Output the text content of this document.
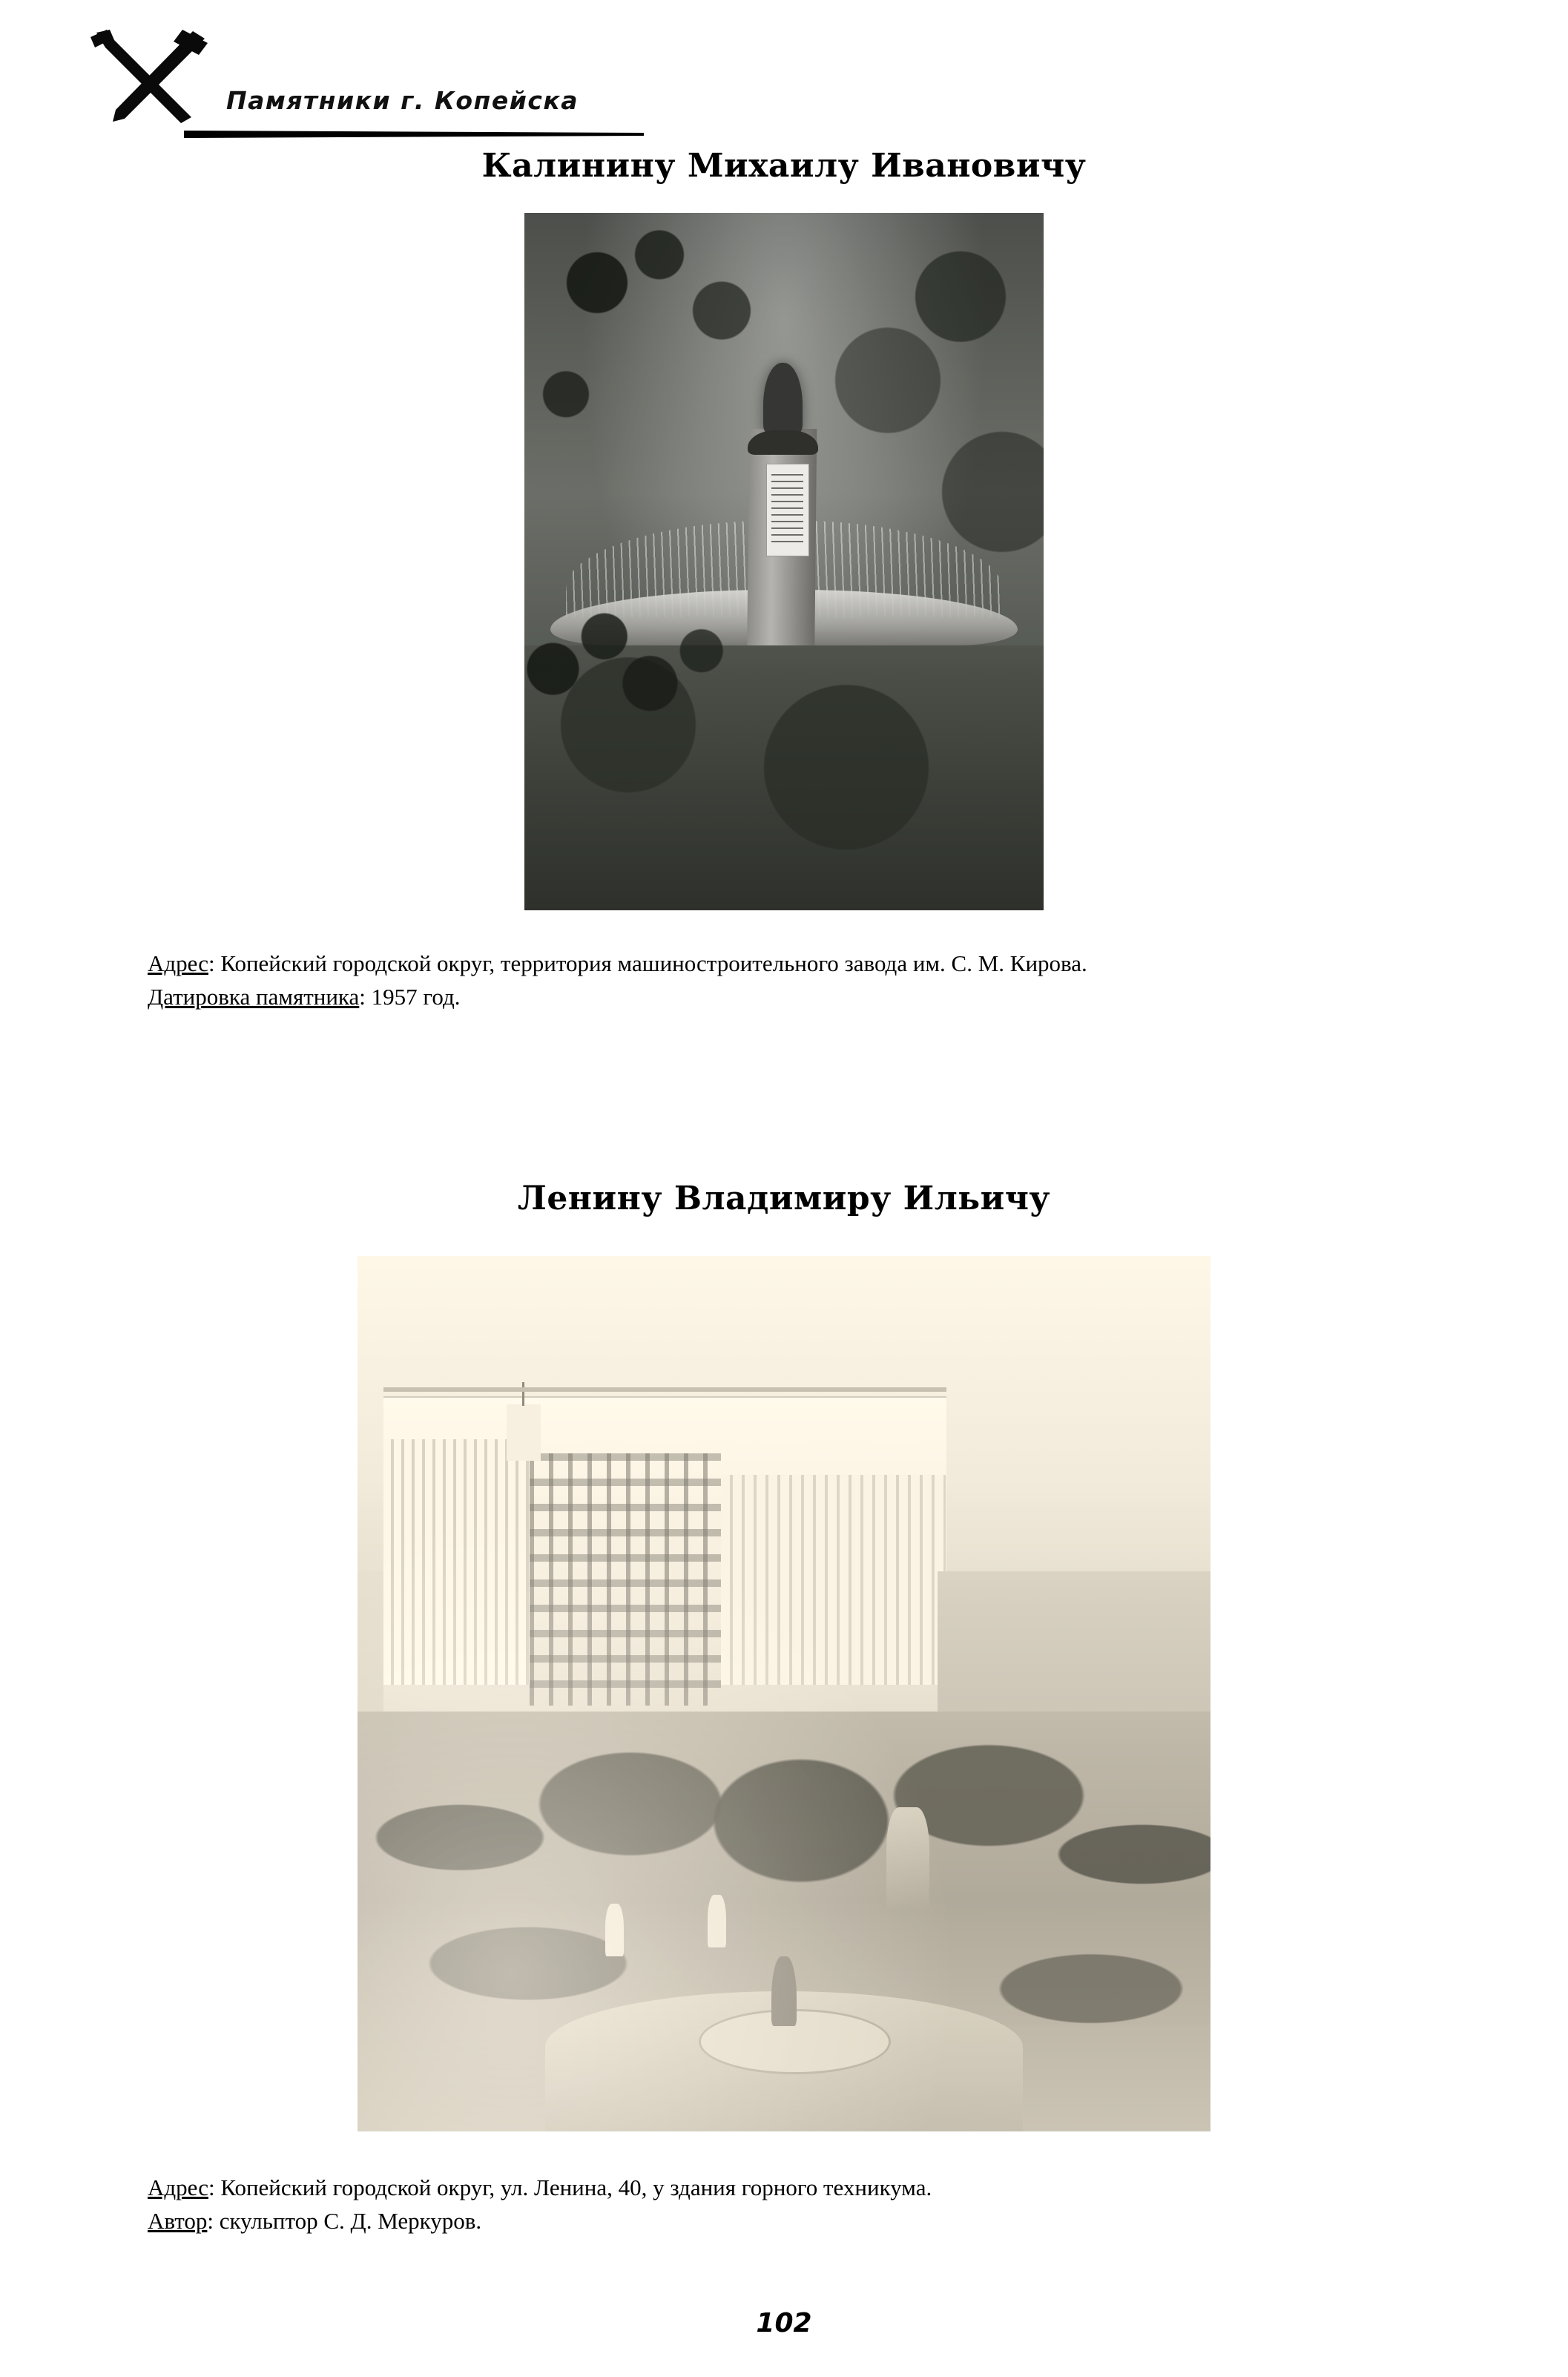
Памятники г. Копейска
Калинину Михаилу Ивановичу

Адрес: Копейский городской округ, территория машиностроительного завода им. С. М. Кирова.

Датировка памятника: 1957 год.

Ленину Владимиру Ильичу

Адрес: Копейский городской округ, ул. Ленина, 40, у здания горного техникума.

Автор: скульптор С. Д. Меркуров.

102
